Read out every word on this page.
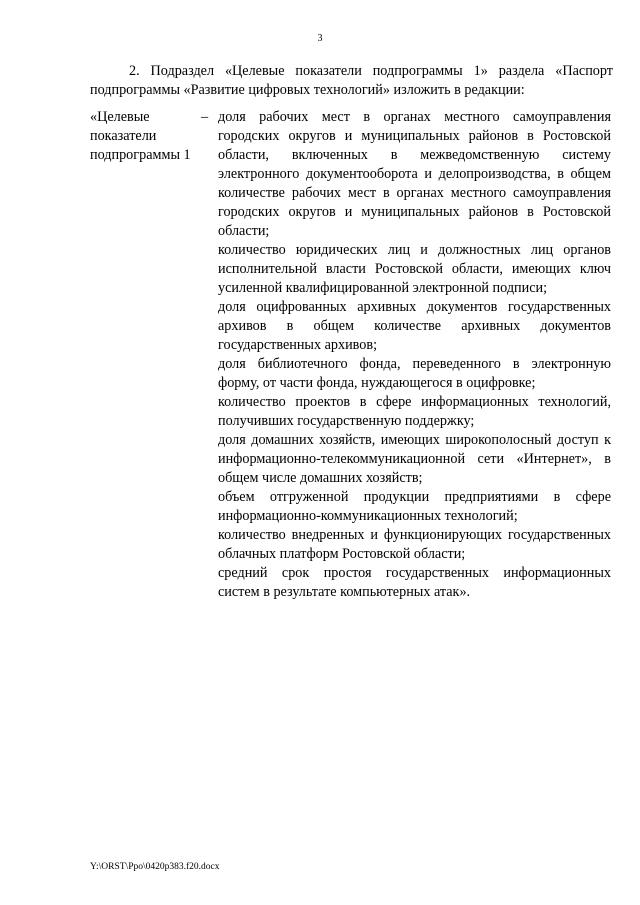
3

2. Подраздел «Целевые показатели подпрограммы 1» раздела «Паспорт подпрограммы «Развитие цифровых технологий» изложить в редакции:

«Целевые
показатели
подпрограммы 1
– доля рабочих мест в органах местного самоуправления городских округов и муниципальных районов в Ростовской области, включенных в межведомственную систему электронного документооборота и делопроизводства, в общем количестве рабочих мест в органах местного самоуправления городских округов и муниципальных районов в Ростовской области;
количество юридических лиц и должностных лиц органов исполнительной власти Ростовской области, имеющих ключ усиленной квалифицированной электронной подписи;
доля оцифрованных архивных документов государственных архивов в общем количестве архивных документов государственных архивов;
доля библиотечного фонда, переведенного в электронную форму, от части фонда, нуждающегося в оцифровке;
количество проектов в сфере информационных технологий, получивших государственную поддержку;
доля домашних хозяйств, имеющих широкополосный доступ к информационно-телекоммуникационной сети «Интернет», в общем числе домашних хозяйств;
объем отгруженной продукции предприятиями в сфере информационно-коммуникационных технологий;
количество внедренных и функционирующих государственных облачных платформ Ростовской области;
средний срок простоя государственных информационных систем в результате компьютерных атак».
Y:\ORST\Ppo\0420p383.f20.docx
